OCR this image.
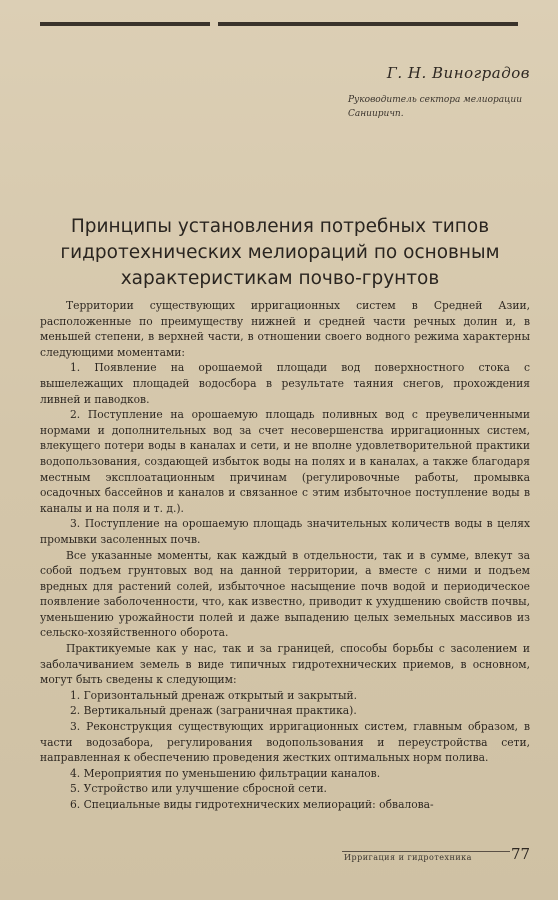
Г. Н. Виноградов
Руководитель сектора мелиорации Санииричп.
Принципы установления потребных типов гидротехнических мелиораций по основным характеристикам почво-грунтов

Территории существующих ирригационных систем в Средней Азии, расположенные по преимуществу нижней и средней части речных долин и, в меньшей степени, в верхней части, в отношении своего водного режима характерны следующими моментами:

1. Появление на орошаемой площади вод поверхностного стока с вышележащих площадей водосбора в результате таяния снегов, прохождения ливней и паводков.

2. Поступление на орошаемую площадь поливных вод с преувеличенными нормами и дополнительных вод за счет несовершенства ирригационных систем, влекущего потери воды в каналах и сети, и не вполне удовлетворительной практики водопользования, создающей избыток воды на полях и в каналах, а также благодаря местным эксплоатационным причинам (регулировочные работы, промывка осадочных бассейнов и каналов и связанное с этим избыточное поступление воды в каналы и на поля и т. д.).

3. Поступление на орошаемую площадь значительных количеств воды в целях промывки засоленных почв.

Все указанные моменты, как каждый в отдельности, так и в сумме, влекут за собой подъем грунтовых вод на данной территории, а вместе с ними и подъем вредных для растений солей, избыточное насыщение почв водой и периодическое появление заболоченности, что, как известно, приводит к ухудшению свойств почвы, уменьшению урожайности полей и даже выпадению целых земельных массивов из сельско-хозяйственного оборота.

Практикуемые как у нас, так и за границей, способы борьбы с засолением и заболачиванием земель в виде типичных гидротехнических приемов, в основном, могут быть сведены к следующим:

1. Горизонтальный дренаж открытый и закрытый.

2. Вертикальный дренаж (заграничная практика).

3. Реконструкция существующих ирригационных систем, главным образом, в части водозабора, регулирования водопользования и переустройства сети, направленная к обеспечению проведения жестких оптимальных норм полива.

4. Мероприятия по уменьшению фильтрации каналов.

5. Устройство или улучшение сбросной сети.

6. Специальные виды гидротехнических мелиораций: обвалова-

Ирригация и гидротехника	77
